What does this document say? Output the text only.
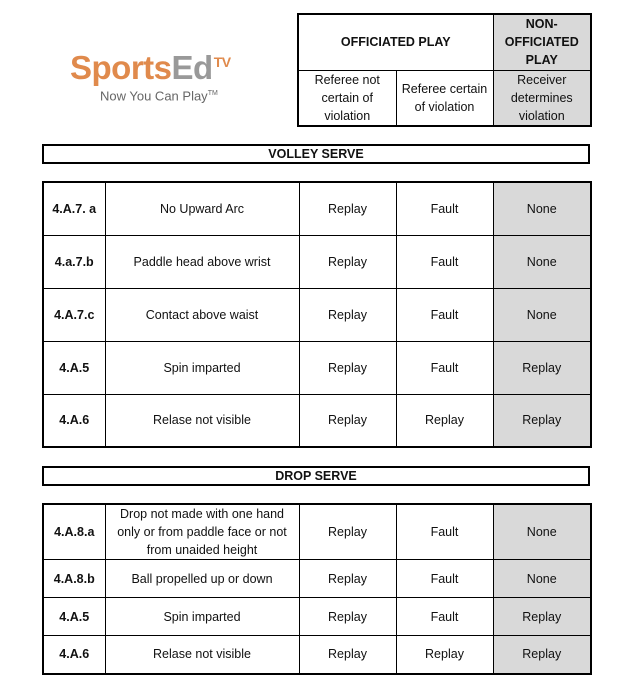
SportsEd$^{TV}$
Now You Can Play™
OFFICIATED PLAY		NON-OFFICIATED PLAY
Referee not certain of violation	Referee certain of violation	Receiver determines violation
VOLLEY SERVE
4.A.7. a	No Upward Arc	Replay	Fault	None
4.a.7.b	Paddle head above wrist	Replay	Fault	None
4.A.7.c	Contact above waist	Replay	Fault	None
4.A.5	Spin imparted	Replay	Fault	Replay
4.A.6	Relase not visible	Replay	Replay	Replay
DROP SERVE
4.A.8.a	Drop not made with one hand only or from paddle face or not from unaided height	Replay	Fault	None
4.A.8.b	Ball propelled up or down	Replay	Fault	None
4.A.5	Spin imparted	Replay	Fault	Replay
4.A.6	Relase not visible	Replay	Replay	Replay
